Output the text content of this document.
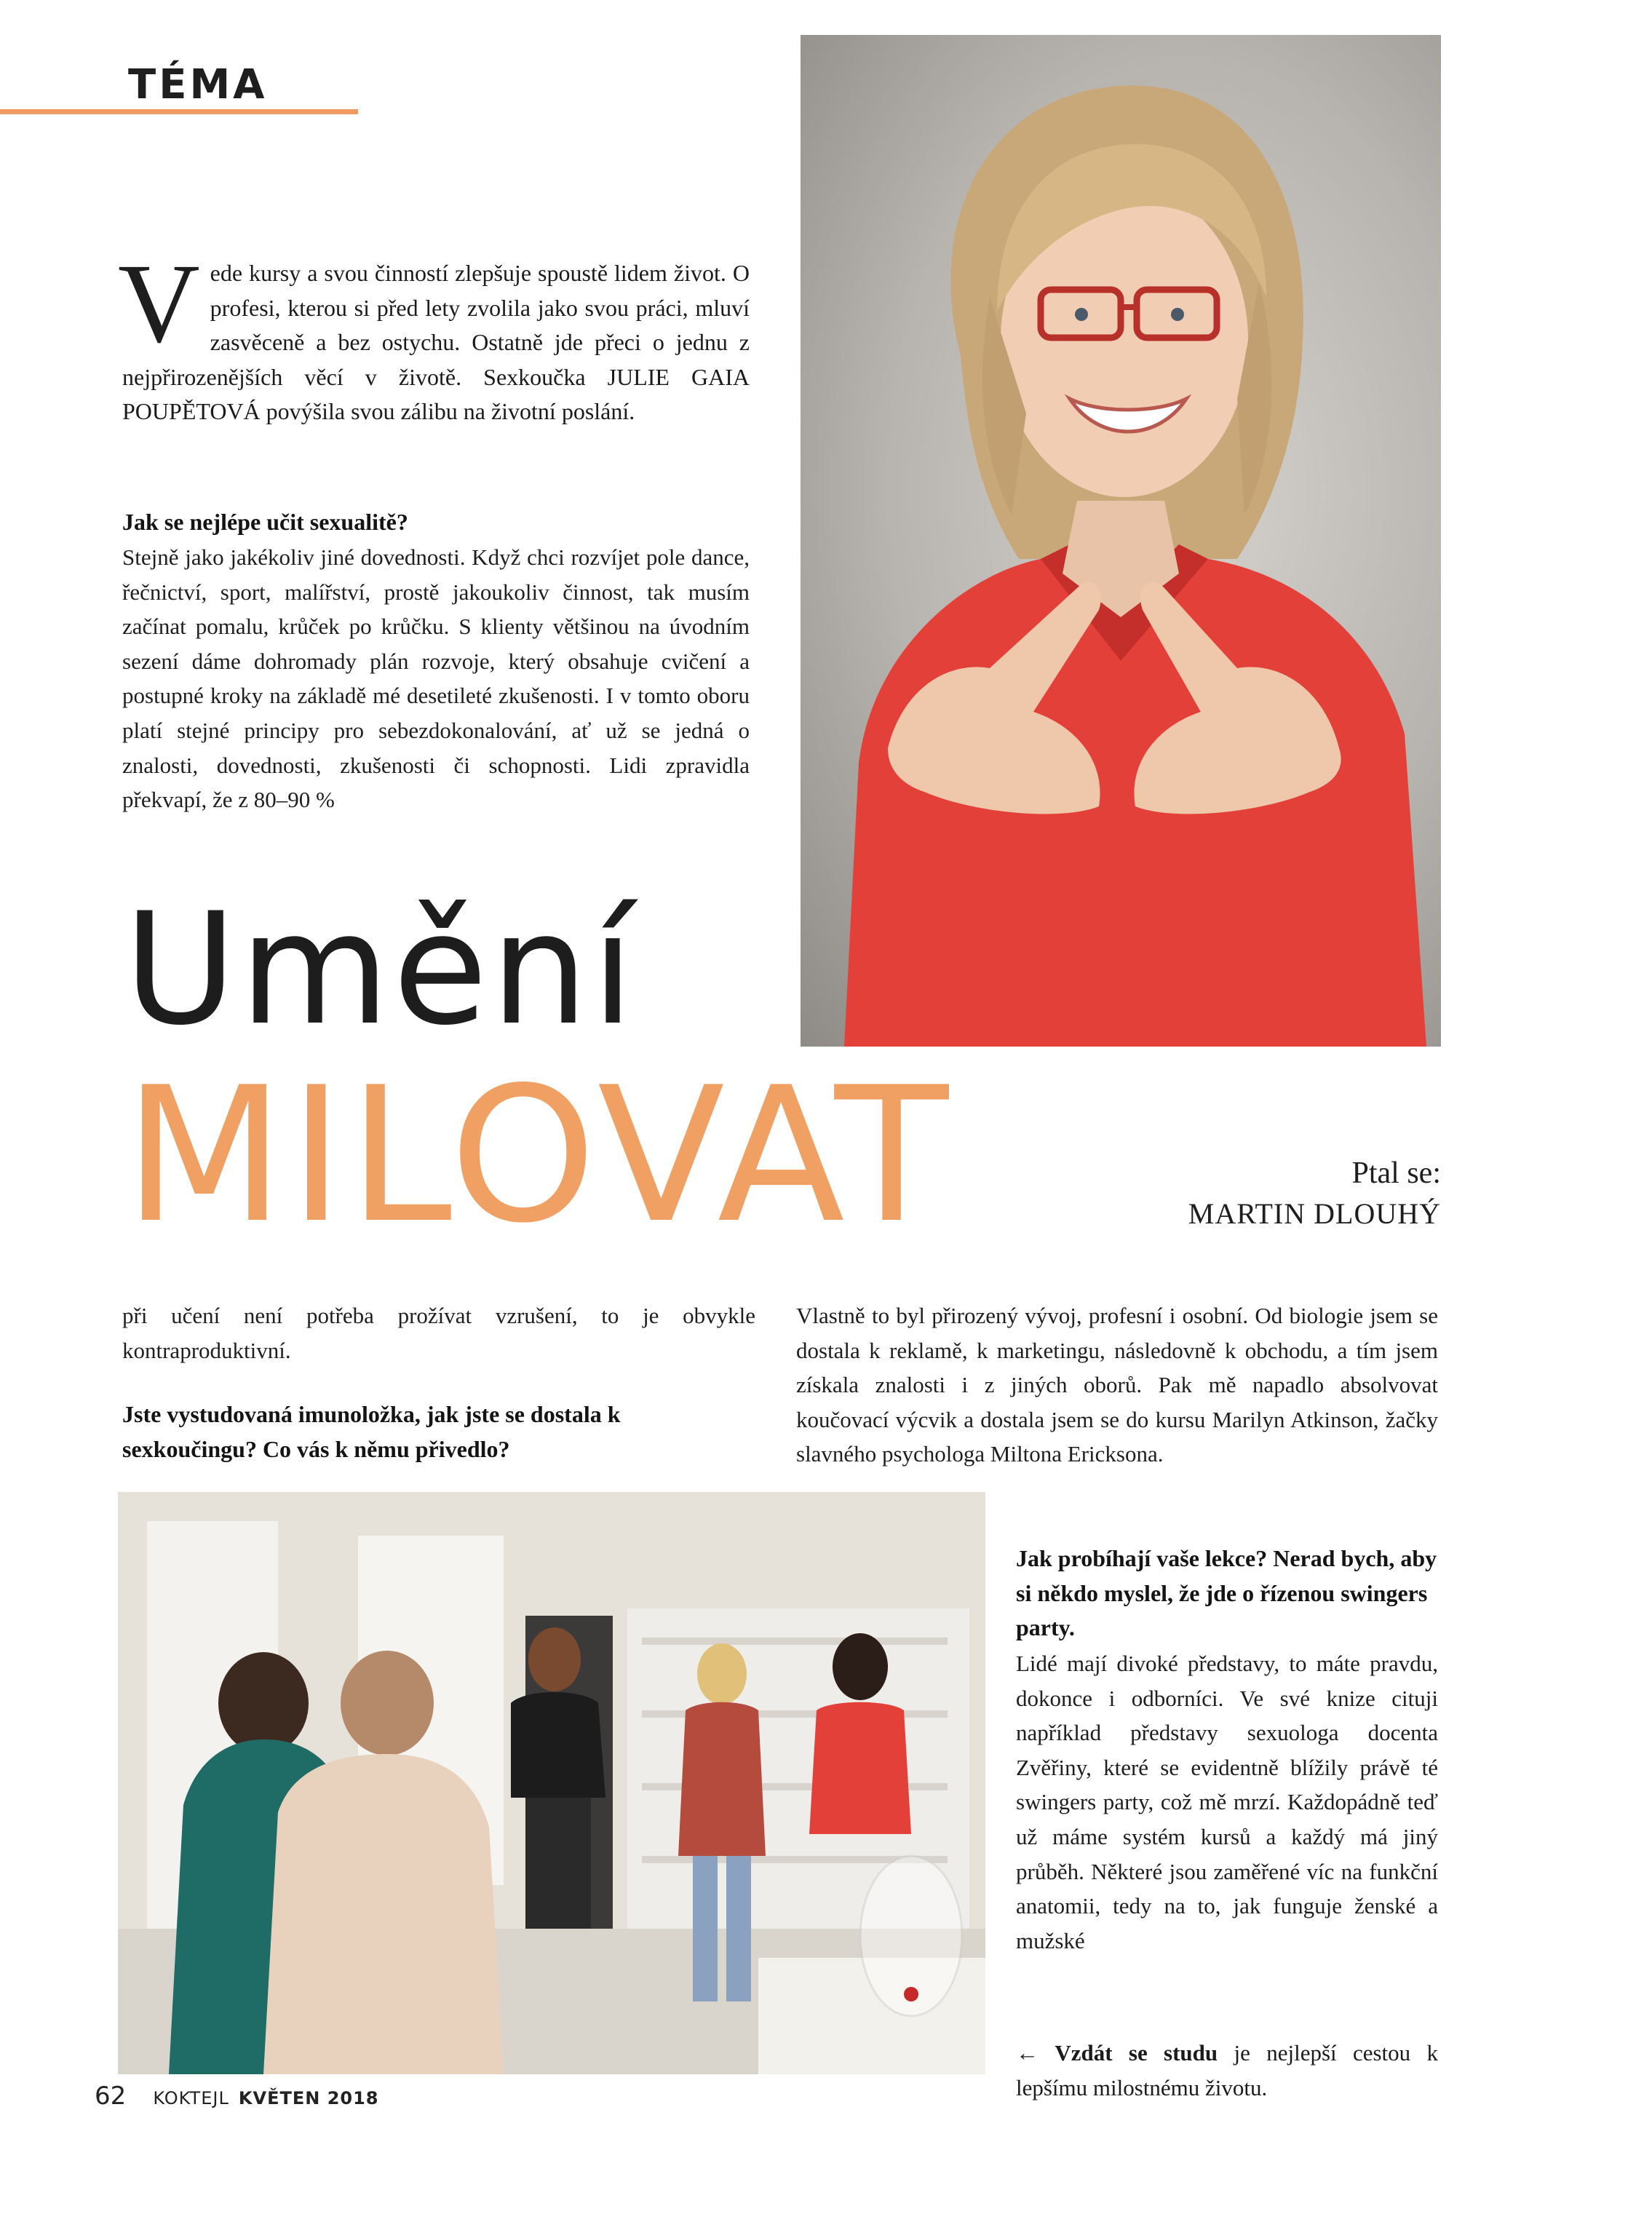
TÉMA
Vede kursy a svou činností zlepšuje spoustě lidem život. O profesi, kterou si před lety zvolila jako svou práci, mluví zasvěceně a bez ostychu. Ostatně jde přeci o jednu z nejpřirozenějších věcí v životě. Sexkoučka JULIE GAIA POUPĚTOVÁ povýšila svou zálibu na životní poslání.

Jak se nejlépe učit sexualitě?

Stejně jako jakékoliv jiné dovednosti. Když chci rozvíjet pole dance, řečnictví, sport, malířství, prostě jakoukoliv činnost, tak musím začínat pomalu, krůček po krůčku. S klienty většinou na úvodním sezení dáme dohromady plán rozvoje, který obsahuje cvičení a postupné kroky na základě mé desetileté zkušenosti. I v tomto oboru platí stejné principy pro sebezdokonalování, ať už se jedná o znalosti, dovednosti, zkušenosti či schopnosti. Lidi zpravidla překvapí, že z 80–90 %

Umění
MILOVAT	Ptal se:
MARTIN DLOUHÝ

při učení není potřeba prožívat vzrušení, to je obvykle kontraproduktivní.

Jste vystudovaná imunoložka, jak jste se dostala k sexkoučingu? Co vás k němu přivedlo?

Vlastně to byl přirozený vývoj, profesní i osobní. Od biologie jsem se dostala k reklamě, k marketingu, následovně k obchodu, a tím jsem získala znalosti i z jiných oborů. Pak mě napadlo absolvovat koučovací výcvik a dostala jsem se do kursu Marilyn Atkinson, žačky slavného psychologa Miltona Ericksona.

Jak probíhají vaše lekce? Nerad bych, aby si někdo myslel, že jde o řízenou swingers party.

Lidé mají divoké představy, to máte pravdu, dokonce i odborníci. Ve své knize cituji například představy sexuologa docenta Zvěřiny, které se evidentně blížily právě té swingers party, což mě mrzí. Každopádně teď už máme systém kursů a každý má jiný průběh. Některé jsou zaměřené víc na funkční anatomii, tedy na to, jak funguje ženské a mužské

← Vzdát se studu je nejlepší cestou k lepšímu milostnému životu.

62 KOKTEJL KVĚTEN 2018
